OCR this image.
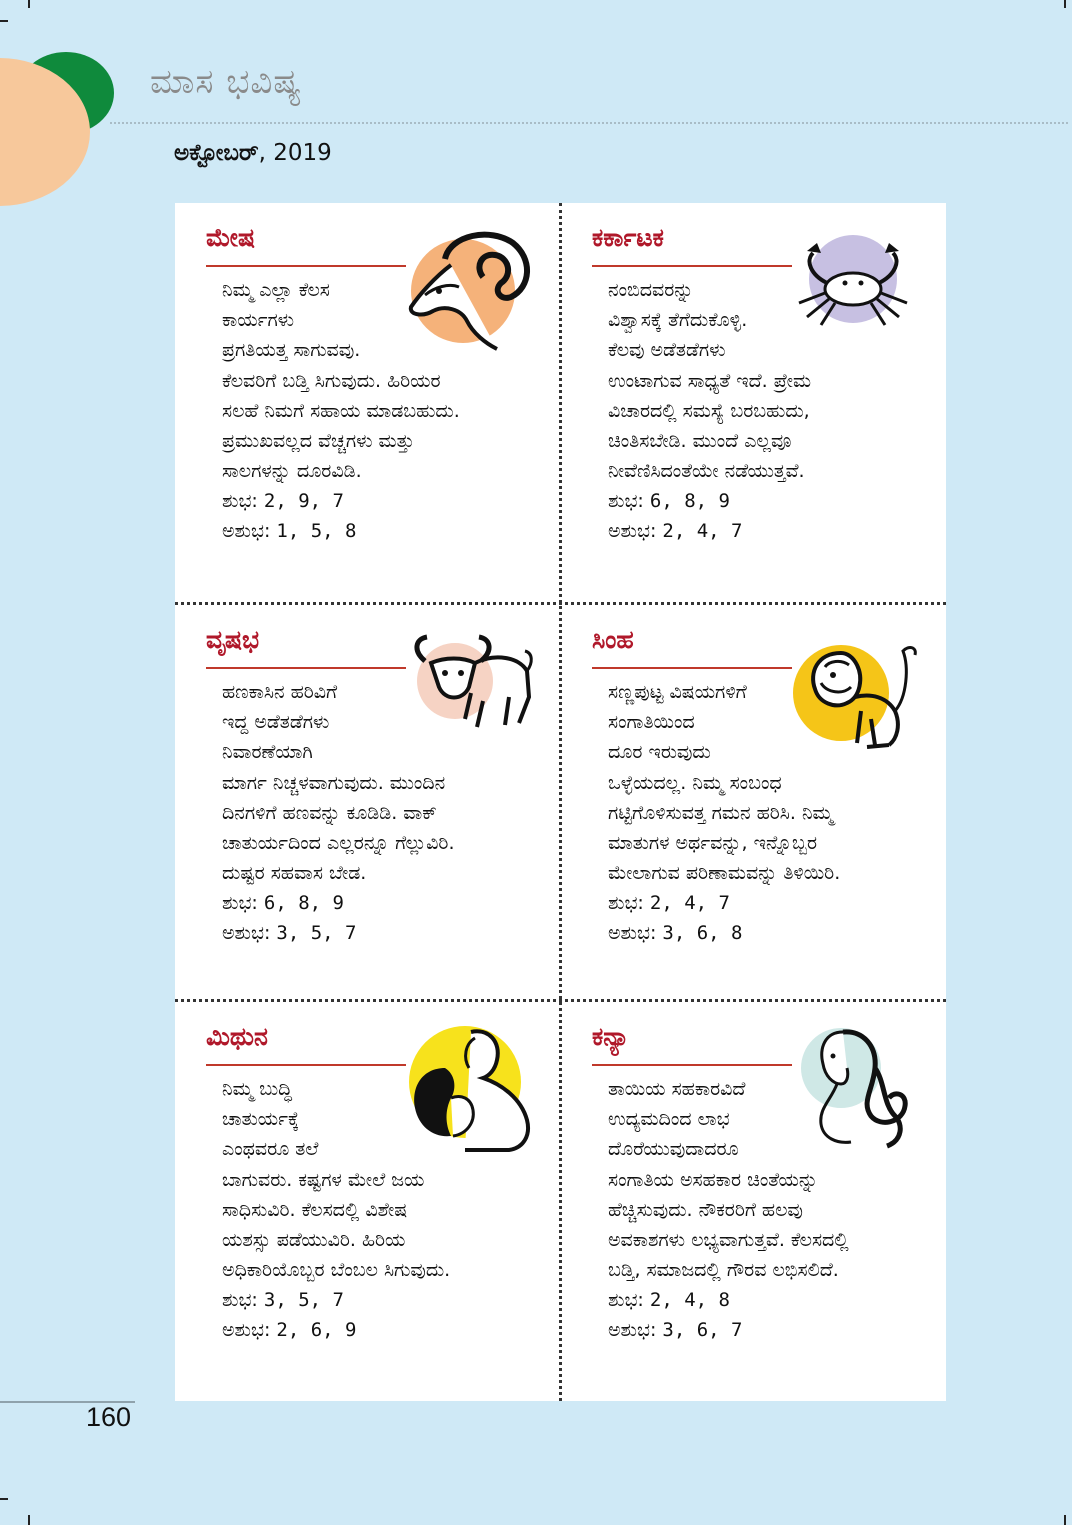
ಮಾಸ ಭವಿಷ್ಯ
ಅಕ್ಟೋಬರ್, 2019
ಮೇಷ
ನಿಮ್ಮ ಎಲ್ಲಾ ಕೆಲಸ
ಕಾರ್ಯಗಳು
ಪ್ರಗತಿಯತ್ತ ಸಾಗುವವು.
ಕೆಲವರಿಗೆ ಬಡ್ತಿ ಸಿಗುವುದು. ಹಿರಿಯರ
ಸಲಹೆ ನಿಮಗೆ ಸಹಾಯ ಮಾಡಬಹುದು.
ಪ್ರಮುಖವಲ್ಲದ ವೆಚ್ಚಗಳು ಮತ್ತು
ಸಾಲಗಳನ್ನು ದೂರವಿಡಿ.
ಶುಭ: 2, 9, 7
ಅಶುಭ: 1, 5, 8
ಕರ್ಕಾಟಕ
ನಂಬಿದವರನ್ನು
ವಿಶ್ವಾಸಕ್ಕೆ ತೆಗೆದುಕೊಳ್ಳಿ.
ಕೆಲವು ಅಡೆತಡೆಗಳು
ಉಂಟಾಗುವ ಸಾಧ್ಯತೆ ಇದೆ. ಪ್ರೇಮ
ವಿಚಾರದಲ್ಲಿ ಸಮಸ್ಯೆ ಬರಬಹುದು,
ಚಿಂತಿಸಬೇಡಿ. ಮುಂದೆ ಎಲ್ಲವೂ
ನೀವೆಣಿಸಿದಂತೆಯೇ ನಡೆಯುತ್ತವೆ.
ಶುಭ: 6, 8, 9
ಅಶುಭ: 2, 4, 7
ವೃಷಭ
ಹಣಕಾಸಿನ ಹರಿವಿಗೆ
ಇದ್ದ ಅಡೆತಡೆಗಳು
ನಿವಾರಣೆಯಾಗಿ
ಮಾರ್ಗ ನಿಚ್ಚಳವಾಗುವುದು. ಮುಂದಿನ
ದಿನಗಳಿಗೆ ಹಣವನ್ನು ಕೂಡಿಡಿ. ವಾಕ್
ಚಾತುರ್ಯದಿಂದ ಎಲ್ಲರನ್ನೂ ಗೆಲ್ಲುವಿರಿ.
ದುಷ್ಟರ ಸಹವಾಸ ಬೇಡ.
ಶುಭ: 6, 8, 9
ಅಶುಭ: 3, 5, 7
ಸಿಂಹ
ಸಣ್ಣಪುಟ್ಟ ವಿಷಯಗಳಿಗೆ
ಸಂಗಾತಿಯಿಂದ
ದೂರ ಇರುವುದು
ಒಳ್ಳೆಯದಲ್ಲ. ನಿಮ್ಮ ಸಂಬಂಧ
ಗಟ್ಟಿಗೊಳಿಸುವತ್ತ ಗಮನ ಹರಿಸಿ. ನಿಮ್ಮ
ಮಾತುಗಳ ಅರ್ಥವನ್ನು, ಇನ್ನೊಬ್ಬರ
ಮೇಲಾಗುವ ಪರಿಣಾಮವನ್ನು ತಿಳಿಯಿರಿ.
ಶುಭ: 2, 4, 7
ಅಶುಭ: 3, 6, 8
ಮಿಥುನ
ನಿಮ್ಮ ಬುದ್ಧಿ
ಚಾತುರ್ಯಕ್ಕೆ
ಎಂಥವರೂ ತಲೆ
ಬಾಗುವರು. ಕಷ್ಟಗಳ ಮೇಲೆ ಜಯ
ಸಾಧಿಸುವಿರಿ. ಕೆಲಸದಲ್ಲಿ ವಿಶೇಷ
ಯಶಸ್ಸು ಪಡೆಯುವಿರಿ. ಹಿರಿಯ
ಅಧಿಕಾರಿಯೊಬ್ಬರ ಬೆಂಬಲ ಸಿಗುವುದು.
ಶುಭ: 3, 5, 7
ಅಶುಭ: 2, 6, 9
ಕನ್ಯಾ
ತಾಯಿಯ ಸಹಕಾರವಿದೆ
ಉದ್ಯಮದಿಂದ ಲಾಭ
ದೊರೆಯುವುದಾದರೂ
ಸಂಗಾತಿಯ ಅಸಹಕಾರ ಚಿಂತೆಯನ್ನು
ಹೆಚ್ಚಿಸುವುದು. ನೌಕರರಿಗೆ ಹಲವು
ಅವಕಾಶಗಳು ಲಭ್ಯವಾಗುತ್ತವೆ. ಕೆಲಸದಲ್ಲಿ
ಬಡ್ತಿ, ಸಮಾಜದಲ್ಲಿ ಗೌರವ ಲಭಿಸಲಿದೆ.
ಶುಭ: 2, 4, 8
ಅಶುಭ: 3, 6, 7
160
